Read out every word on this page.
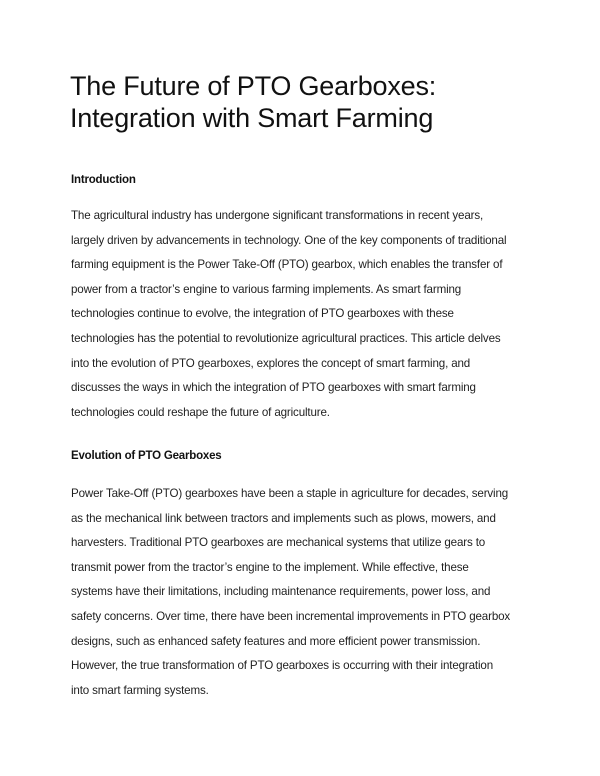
The Future of PTO Gearboxes:
Integration with Smart Farming
Introduction
The agricultural industry has undergone significant transformations in recent years,
largely driven by advancements in technology. One of the key components of traditional
farming equipment is the Power Take-Off (PTO) gearbox, which enables the transfer of
power from a tractor’s engine to various farming implements. As smart farming
technologies continue to evolve, the integration of PTO gearboxes with these
technologies has the potential to revolutionize agricultural practices. This article delves
into the evolution of PTO gearboxes, explores the concept of smart farming, and
discusses the ways in which the integration of PTO gearboxes with smart farming
technologies could reshape the future of agriculture.
Evolution of PTO Gearboxes
Power Take-Off (PTO) gearboxes have been a staple in agriculture for decades, serving
as the mechanical link between tractors and implements such as plows, mowers, and
harvesters. Traditional PTO gearboxes are mechanical systems that utilize gears to
transmit power from the tractor’s engine to the implement. While effective, these
systems have their limitations, including maintenance requirements, power loss, and
safety concerns. Over time, there have been incremental improvements in PTO gearbox
designs, such as enhanced safety features and more efficient power transmission.
However, the true transformation of PTO gearboxes is occurring with their integration
into smart farming systems.
